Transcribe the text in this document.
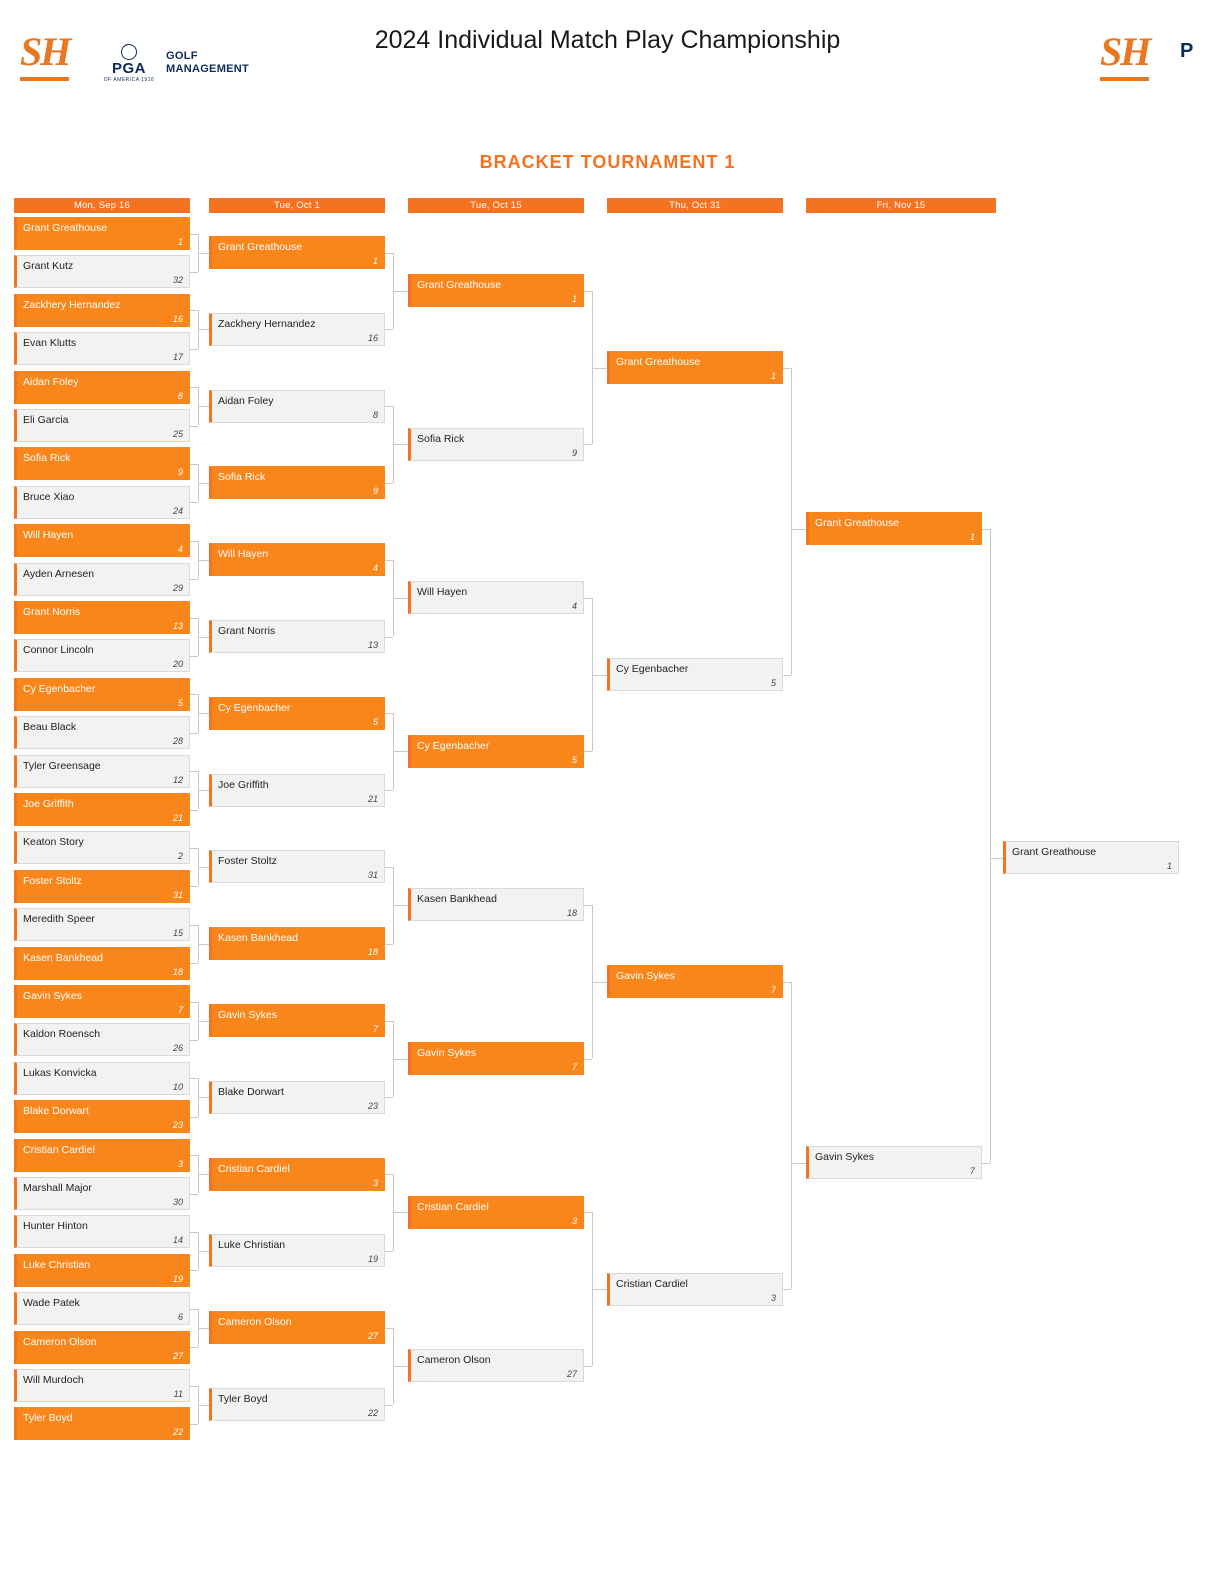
SH	PGA
OF AMERICA 1916
GOLF
MANAGEMENT
2024 Individual Match Play Championship	SH P
BRACKET TOURNAMENT 1
Mon, Sep 16	Tue, Oct 1	Tue, Oct 15	Thu, Oct 31	Fri, Nov 15
Grant Greathouse
1
Grant Kutz
32
Zackhery Hernandez
16
Evan Klutts
17
Aidan Foley
8
Eli Garcia
25
Sofia Rick
9
Bruce Xiao
24
Will Hayen
4
Ayden Arnesen
29
Grant Norris
13
Connor Lincoln
20
Cy Egenbacher
5
Beau Black
28
Tyler Greensage
12
Joe Griffith
21
Keaton Story
2
Foster Stoltz
31
Meredith Speer
15
Kasen Bankhead
18
Gavin Sykes
7
Kaldon Roensch
26
Lukas Konvicka
10
Blake Dorwart
23
Cristian Cardiel
3
Marshall Major
30
Hunter Hinton
14
Luke Christian
19
Wade Patek
6
Cameron Olson
27
Will Murdoch
11
Tyler Boyd
22
Grant Greathouse
1
Zackhery Hernandez
16
Aidan Foley
8
Sofia Rick
9
Will Hayen
4
Grant Norris
13
Cy Egenbacher
5
Joe Griffith
21
Foster Stoltz
31
Kasen Bankhead
18
Gavin Sykes
7
Blake Dorwart
23
Cristian Cardiel
3
Luke Christian
19
Cameron Olson
27
Tyler Boyd
22
Grant Greathouse
1
Sofia Rick
9
Will Hayen
4
Cy Egenbacher
5
Kasen Bankhead
18
Gavin Sykes
7
Cristian Cardiel
3
Cameron Olson
27
Grant Greathouse
1
Cy Egenbacher
5
Gavin Sykes
7
Cristian Cardiel
3
Grant Greathouse
1
Gavin Sykes
7
Grant Greathouse
1
